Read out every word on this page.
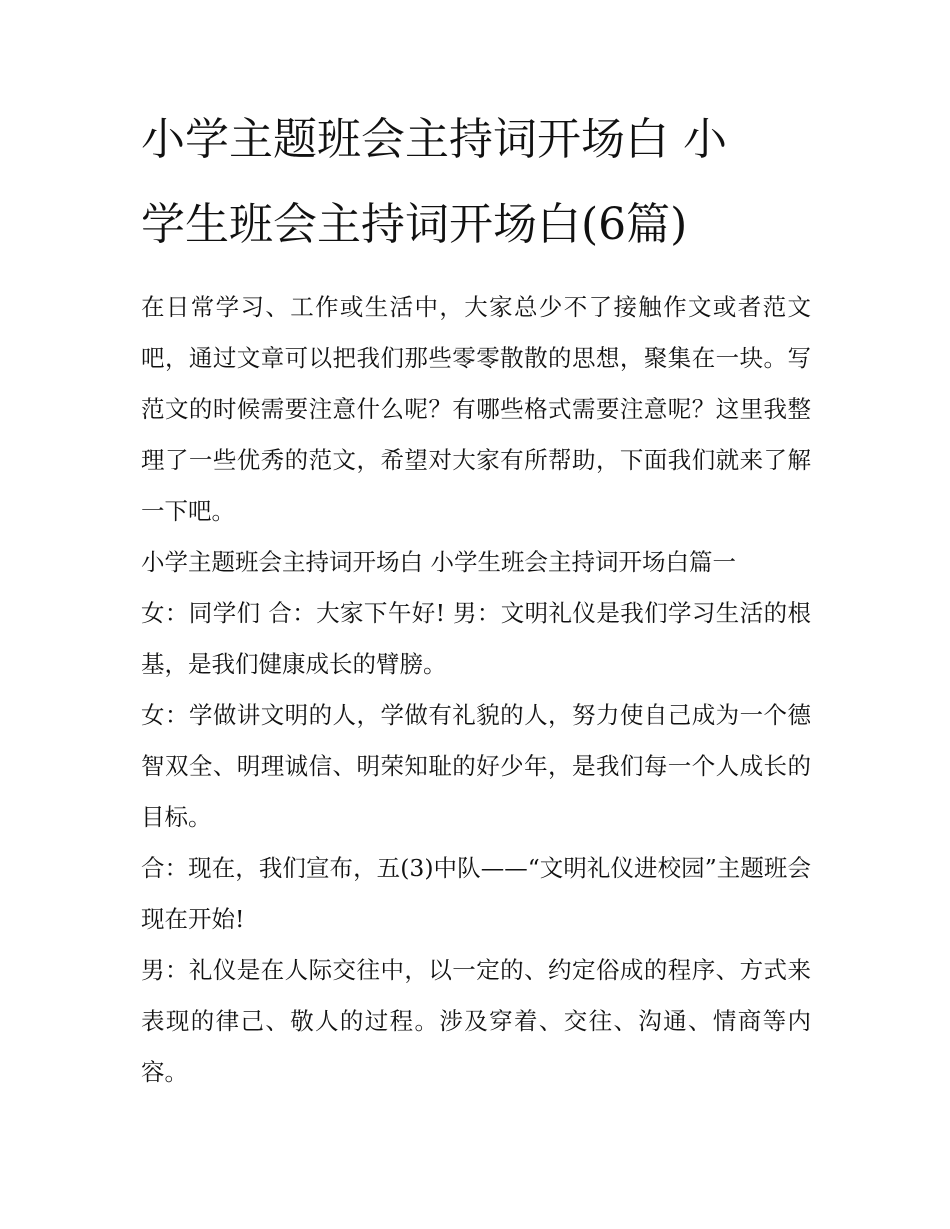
小学主题班会主持词开场白 小
学生班会主持词开场白(6篇)

在日常学习、工作或生活中，大家总少不了接触作文或者范文吧，通过文章可以把我们那些零零散散的思想，聚集在一块。写范文的时候需要注意什么呢？有哪些格式需要注意呢？这里我整理了一些优秀的范文，希望对大家有所帮助，下面我们就来了解一下吧。

小学主题班会主持词开场白 小学生班会主持词开场白篇一

女：同学们 合：大家下午好! 男：文明礼仪是我们学习生活的根基，是我们健康成长的臂膀。

女：学做讲文明的人，学做有礼貌的人，努力使自己成为一个德智双全、明理诚信、明荣知耻的好少年，是我们每一个人成长的目标。

合：现在，我们宣布，五(3)中队——“文明礼仪进校园”主题班会现在开始!

男：礼仪是在人际交往中，以一定的、约定俗成的程序、方式来表现的律己、敬人的过程。涉及穿着、交往、沟通、情商等内容。
